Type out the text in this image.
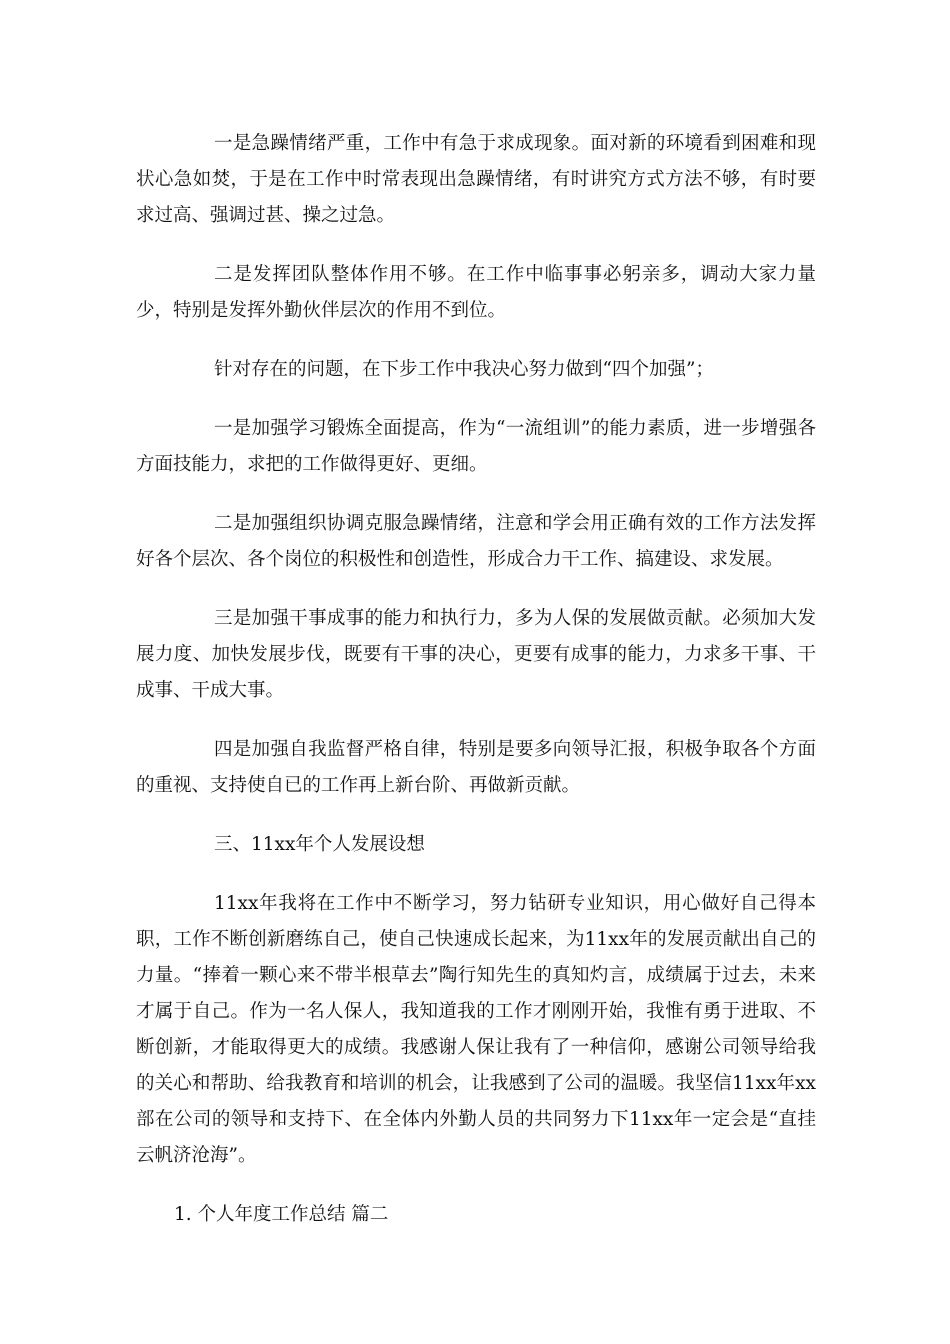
一是急躁情绪严重，工作中有急于求成现象。面对新的环境看到困难和现状心急如焚，于是在工作中时常表现出急躁情绪，有时讲究方式方法不够，有时要求过高、强调过甚、操之过急。

二是发挥团队整体作用不够。在工作中临事事必躬亲多，调动大家力量少，特别是发挥外勤伙伴层次的作用不到位。

针对存在的问题，在下步工作中我决心努力做到“四个加强”；

一是加强学习锻炼全面提高，作为“一流组训”的能力素质，进一步增强各方面技能力，求把的工作做得更好、更细。

二是加强组织协调克服急躁情绪，注意和学会用正确有效的工作方法发挥好各个层次、各个岗位的积极性和创造性，形成合力干工作、搞建设、求发展。

三是加强干事成事的能力和执行力，多为人保的发展做贡献。必须加大发展力度、加快发展步伐，既要有干事的决心，更要有成事的能力，力求多干事、干成事、干成大事。

四是加强自我监督严格自律，特别是要多向领导汇报，积极争取各个方面的重视、支持使自已的工作再上新台阶、再做新贡献。

三、11xx年个人发展设想

11xx年我将在工作中不断学习，努力钻研专业知识，用心做好自己得本职，工作不断创新磨练自己，使自己快速成长起来，为11xx年的发展贡献出自己的力量。“捧着一颗心来不带半根草去”陶行知先生的真知灼言，成绩属于过去，未来才属于自己。作为一名人保人，我知道我的工作才刚刚开始，我惟有勇于进取、不断创新，才能取得更大的成绩。我感谢人保让我有了一种信仰，感谢公司领导给我的关心和帮助、给我教育和培训的机会，让我感到了公司的温暖。我坚信11xx年xx部在公司的领导和支持下、在全体内外勤人员的共同努力下11xx年一定会是“直挂云帆济沧海”。

1. 个人年度工作总结 篇二
